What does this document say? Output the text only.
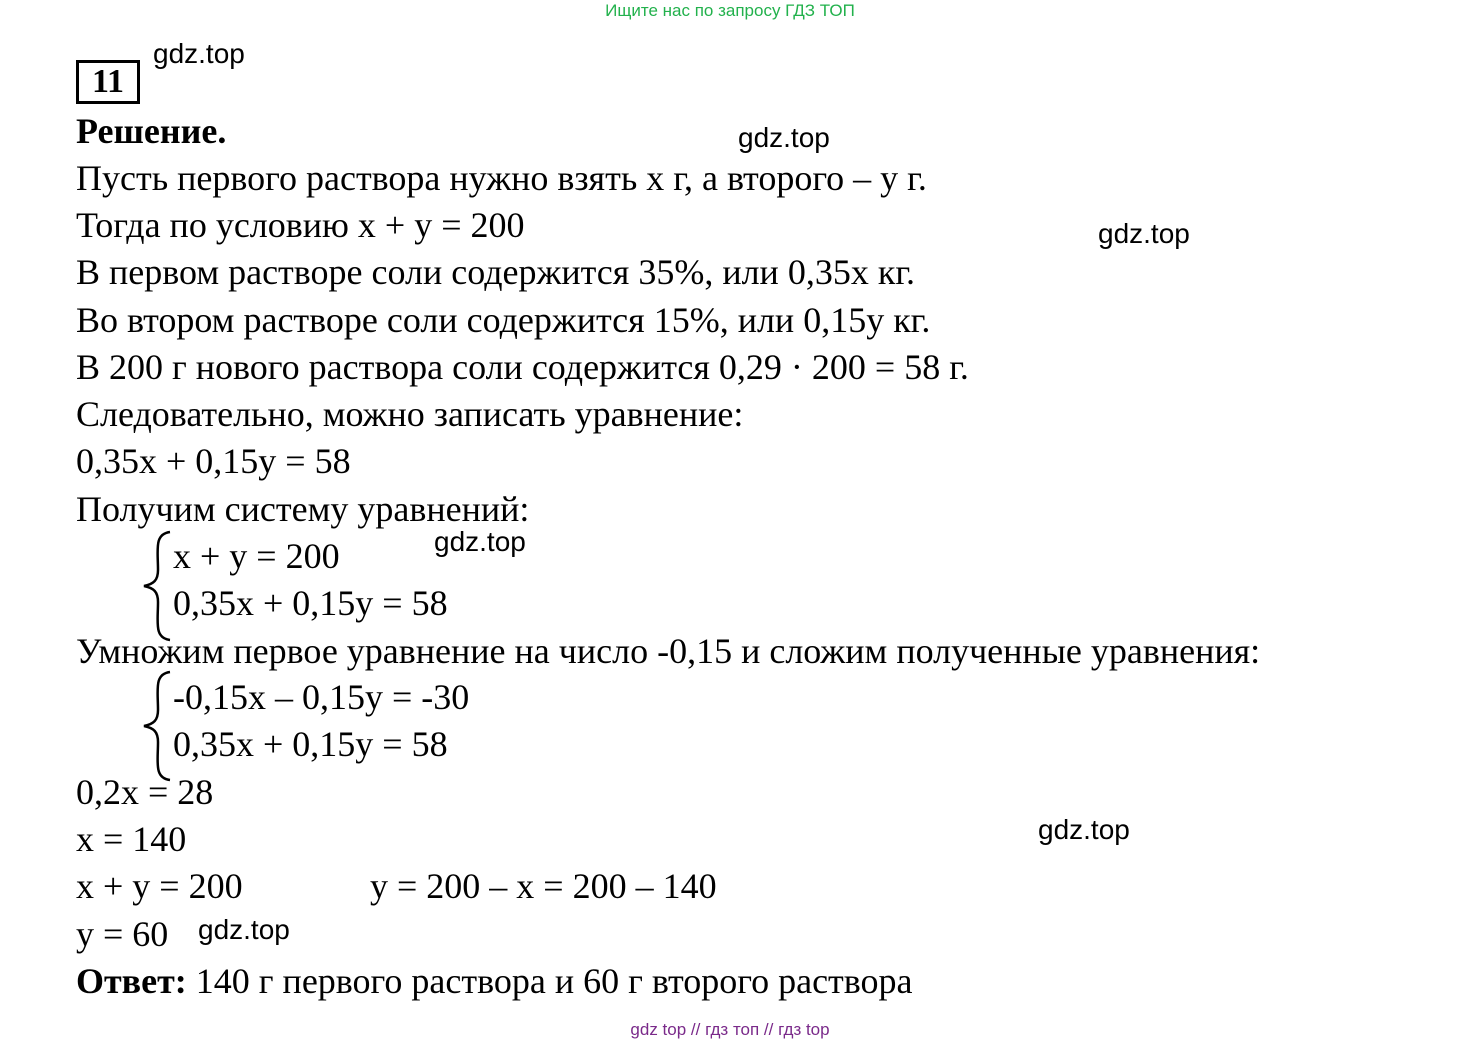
Ищите нас по запросу ГДЗ ТОП
11
gdz.top
gdz.top
gdz.top
gdz.top
gdz.top
gdz.top
Решение.
Пусть первого раствора нужно взять x г, а второго – y г.
Тогда по условию x + y = 200
В первом растворе соли содержится 35%, или 0,35x кг.
Во втором растворе соли содержится 15%, или 0,15y кг.
В 200 г нового раствора соли содержится 0,29 · 200 = 58 г.
Следовательно, можно записать уравнение:
0,35x + 0,15y = 58
Получим систему уравнений:
x + y = 200
0,35x + 0,15y = 58
Умножим первое уравнение на число -0,15 и сложим полученные уравнения:
-0,15x – 0,15y = -30
0,35x + 0,15y = 58
0,2x = 28
x = 140
x + y = 200	y = 200 – x = 200 – 140
y = 60
Ответ: 140 г первого раствора и 60 г второго раствора
gdz top // гдз топ // гдз top
